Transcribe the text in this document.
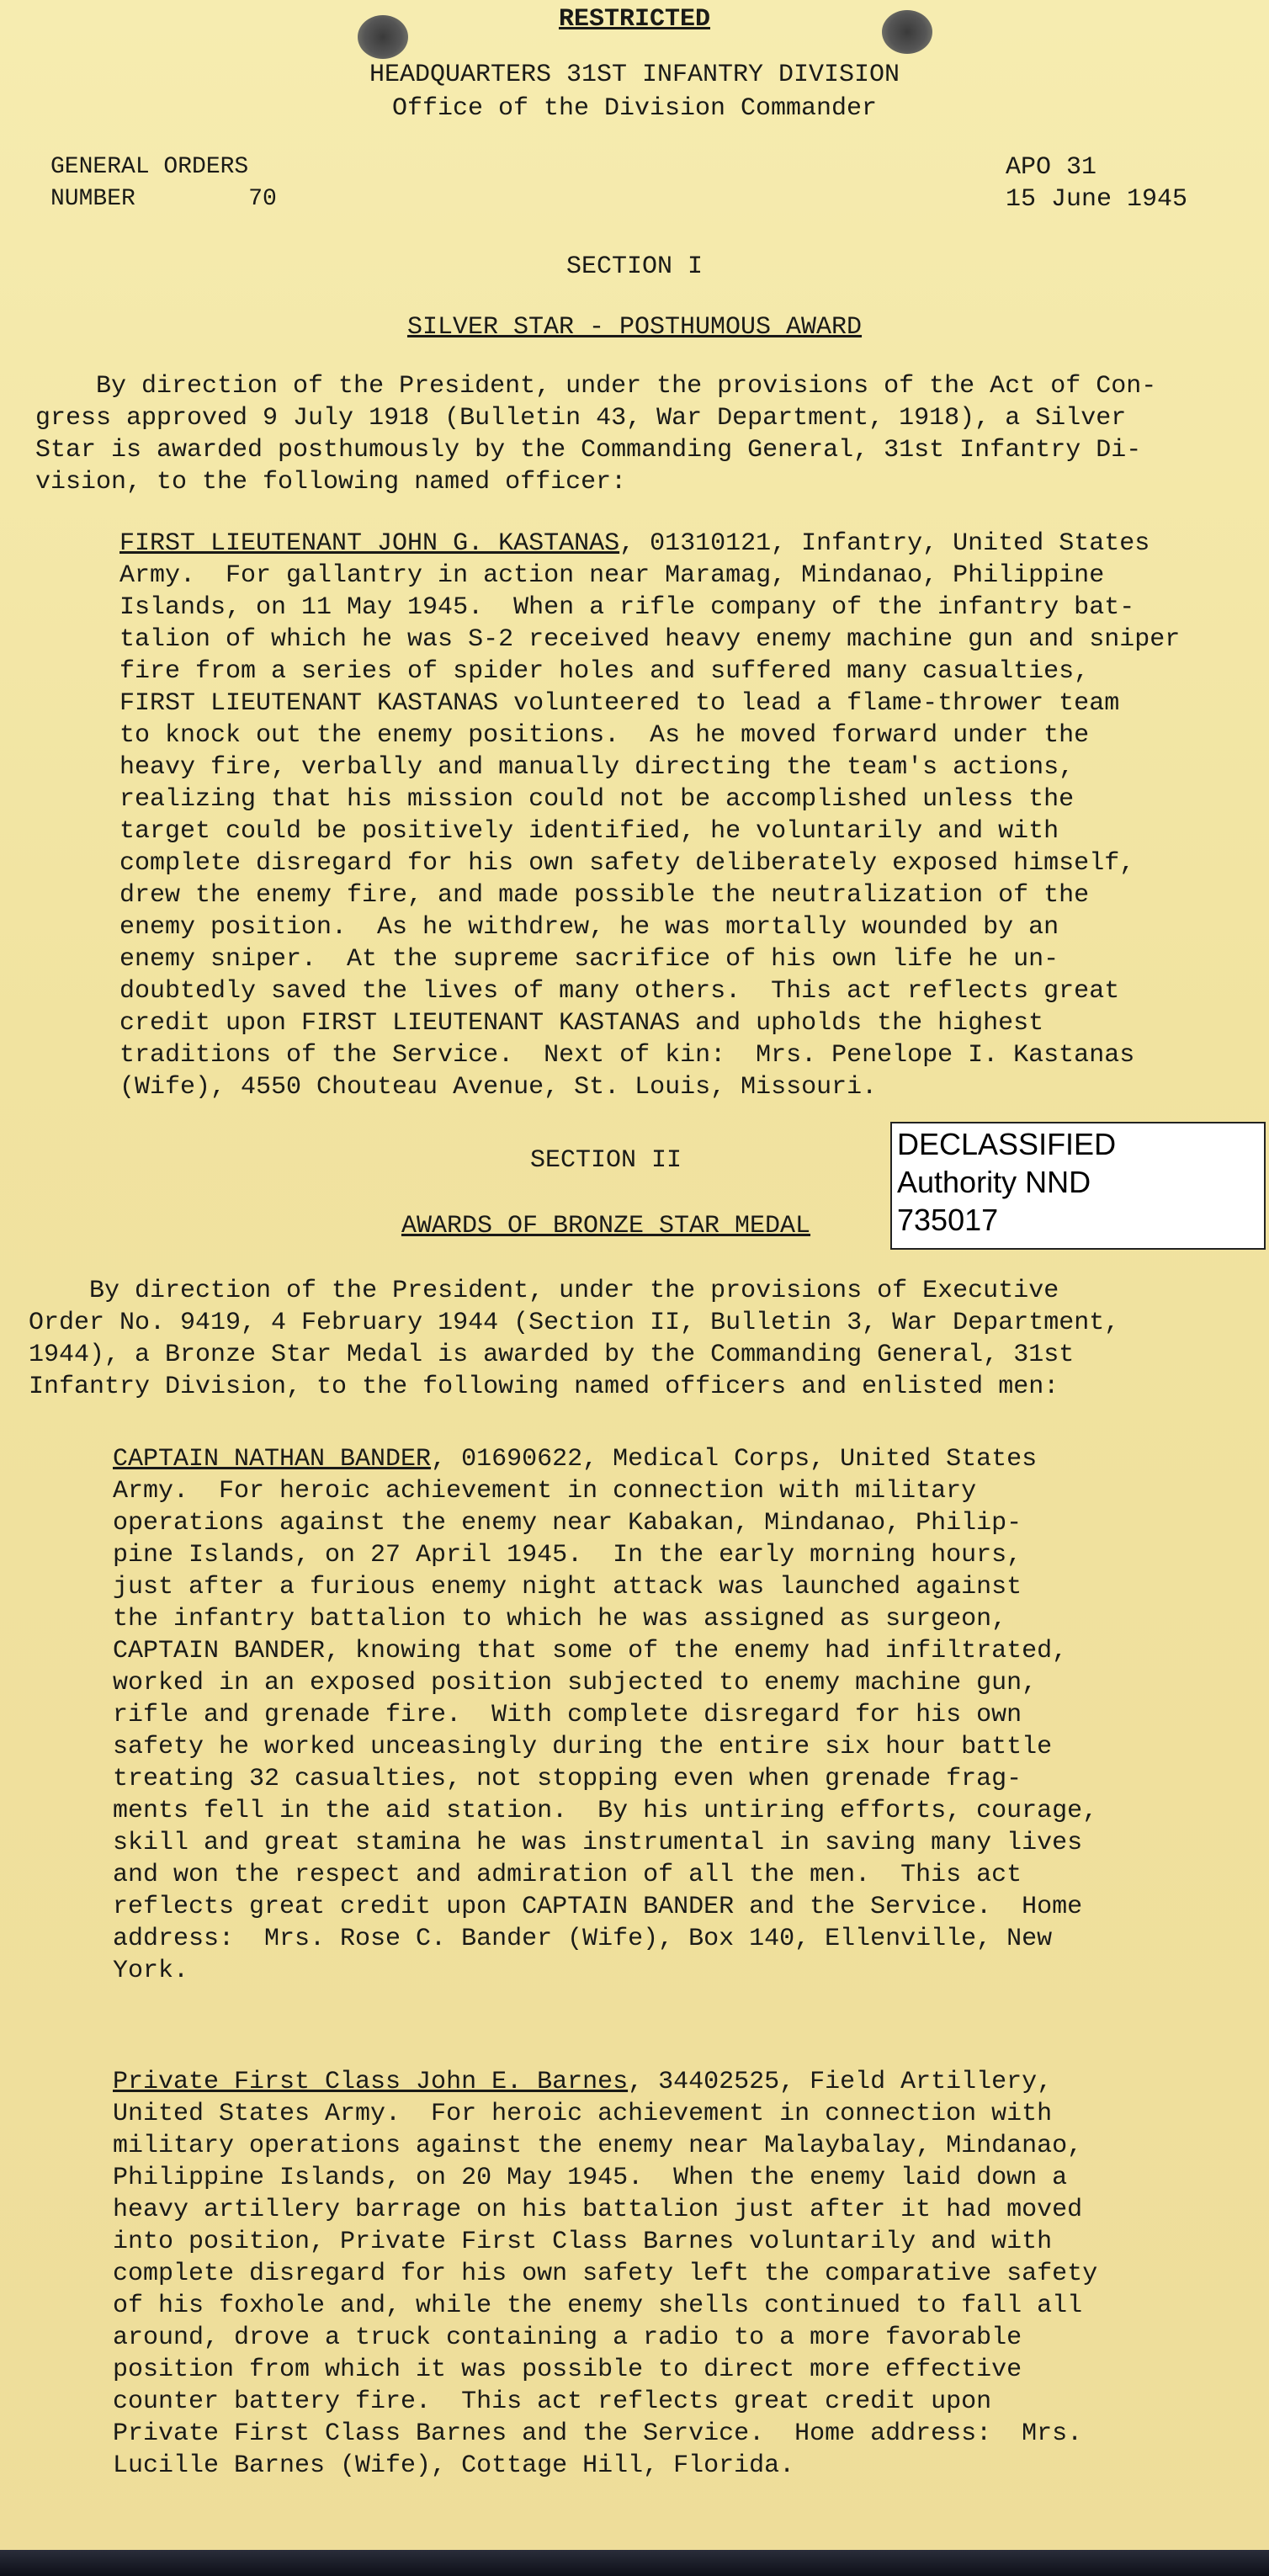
RESTRICTED
HEADQUARTERS 31ST INFANTRY DIVISION
Office of the Division Commander
GENERAL ORDERS
NUMBER        70
APO 31
15 June 1945
SECTION I
SILVER STAR - POSTHUMOUS AWARD
By direction of the President, under the provisions of the Act of Con-
gress approved 9 July 1918 (Bulletin 43, War Department, 1918), a Silver
Star is awarded posthumously by the Commanding General, 31st Infantry Di-
vision, to the following named officer:
FIRST LIEUTENANT JOHN G. KASTANAS, 01310121, Infantry, United States
Army.  For gallantry in action near Maramag, Mindanao, Philippine
Islands, on 11 May 1945.  When a rifle company of the infantry bat-
talion of which he was S-2 received heavy enemy machine gun and sniper
fire from a series of spider holes and suffered many casualties,
FIRST LIEUTENANT KASTANAS volunteered to lead a flame-thrower team
to knock out the enemy positions.  As he moved forward under the
heavy fire, verbally and manually directing the team's actions,
realizing that his mission could not be accomplished unless the
target could be positively identified, he voluntarily and with
complete disregard for his own safety deliberately exposed himself,
drew the enemy fire, and made possible the neutralization of the
enemy position.  As he withdrew, he was mortally wounded by an
enemy sniper.  At the supreme sacrifice of his own life he un-
doubtedly saved the lives of many others.  This act reflects great
credit upon FIRST LIEUTENANT KASTANAS and upholds the highest
traditions of the Service.  Next of kin:  Mrs. Penelope I. Kastanas
(Wife), 4550 Chouteau Avenue, St. Louis, Missouri.
DECLASSIFIED
Authority NND
735017
SECTION II
AWARDS OF BRONZE STAR MEDAL
By direction of the President, under the provisions of Executive
Order No. 9419, 4 February 1944 (Section II, Bulletin 3, War Department,
1944), a Bronze Star Medal is awarded by the Commanding General, 31st
Infantry Division, to the following named officers and enlisted men:
CAPTAIN NATHAN BANDER, 01690622, Medical Corps, United States
Army.  For heroic achievement in connection with military
operations against the enemy near Kabakan, Mindanao, Philip-
pine Islands, on 27 April 1945.  In the early morning hours,
just after a furious enemy night attack was launched against
the infantry battalion to which he was assigned as surgeon,
CAPTAIN BANDER, knowing that some of the enemy had infiltrated,
worked in an exposed position subjected to enemy machine gun,
rifle and grenade fire.  With complete disregard for his own
safety he worked unceasingly during the entire six hour battle
treating 32 casualties, not stopping even when grenade frag-
ments fell in the aid station.  By his untiring efforts, courage,
skill and great stamina he was instrumental in saving many lives
and won the respect and admiration of all the men.  This act
reflects great credit upon CAPTAIN BANDER and the Service.  Home
address:  Mrs. Rose C. Bander (Wife), Box 140, Ellenville, New
York.
Private First Class John E. Barnes, 34402525, Field Artillery,
United States Army.  For heroic achievement in connection with
military operations against the enemy near Malaybalay, Mindanao,
Philippine Islands, on 20 May 1945.  When the enemy laid down a
heavy artillery barrage on his battalion just after it had moved
into position, Private First Class Barnes voluntarily and with
complete disregard for his own safety left the comparative safety
of his foxhole and, while the enemy shells continued to fall all
around, drove a truck containing a radio to a more favorable
position from which it was possible to direct more effective
counter battery fire.  This act reflects great credit upon
Private First Class Barnes and the Service.  Home address:  Mrs.
Lucille Barnes (Wife), Cottage Hill, Florida.
